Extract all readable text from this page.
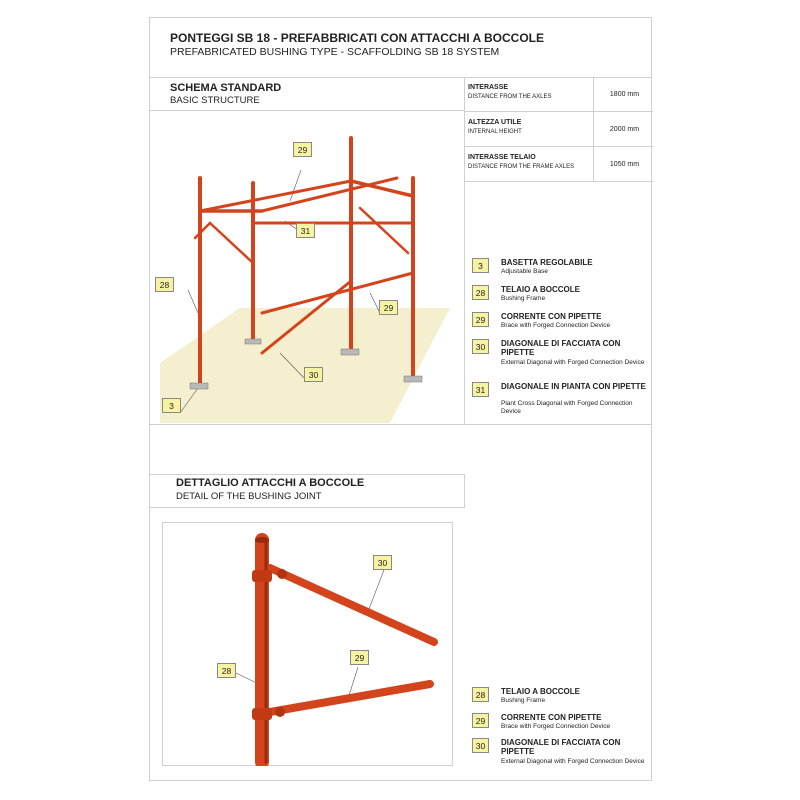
PONTEGGI SB 18 - PREFABBRICATI CON ATTACCHI A BOCCOLE
PREFABRICATED BUSHING TYPE - SCAFFOLDING SB 18 SYSTEM
SCHEMA STANDARD
BASIC STRUCTURE
INTERASSE
DISTANCE FROM THE AXLES	1800 mm
ALTEZZA UTILE
INTERNAL HEIGHT	2000 mm
INTERASSE TELAIO
DISTANCE FROM THE FRAME AXLES	1050 mm
29
31
28
29
30
3
3	BASETTA REGOLABILE
Adjustable Base
28	TELAIO A BOCCOLE
Bushing Frame
29	CORRENTE CON PIPETTE
Brace with Forged Connection Device
30	DIAGONALE DI FACCIATA CON PIPETTE
External Diagonal with Forged Connection Device
31	DIAGONALE IN PIANTA CON PIPETTE
Plant Cross Diagonal with Forged Connection Device
DETTAGLIO ATTACCHI A BOCCOLE
DETAIL OF THE BUSHING JOINT
30
28
29
28	TELAIO A BOCCOLE
Bushing Frame
29	CORRENTE CON PIPETTE
Brace with Forged Connection Device
30	DIAGONALE DI FACCIATA CON PIPETTE
External Diagonal with Forged Connection Device
